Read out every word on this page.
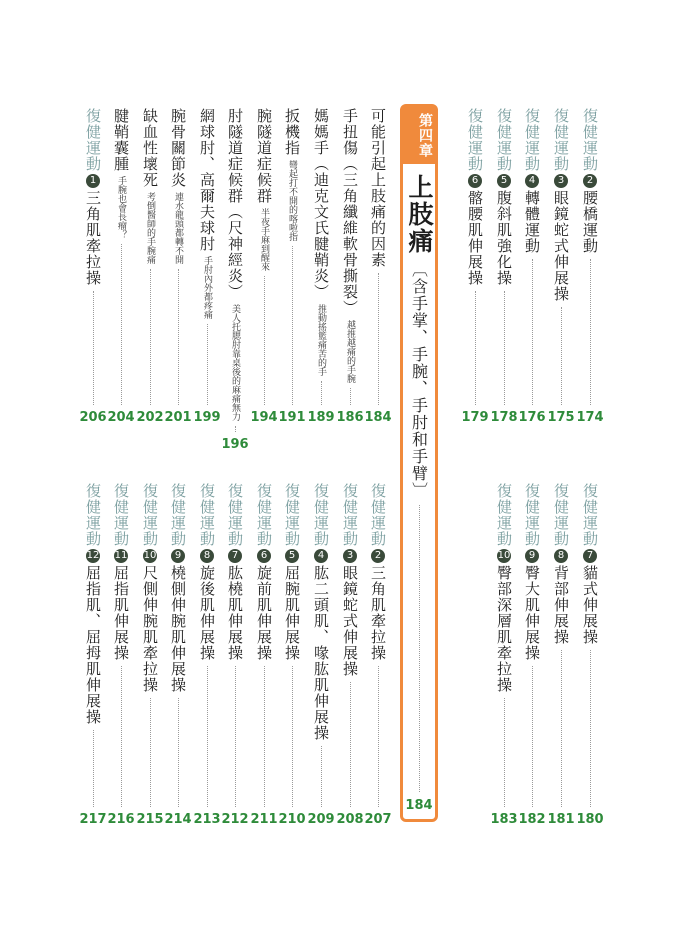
復健運動
2
腰橋運動
174
復健運動
3
眼鏡蛇式伸展操
175
復健運動
4
轉體運動
176
復健運動
5
腹斜肌強化操
178
復健運動
6
髂腰肌伸展操
179
可能引起上肢痛的因素
184
手扭傷（三角纖維軟骨撕裂）
越推越痛的手腕
186
媽媽手（迪克文氏腱鞘炎）
推動搖籃痛苦的手
189
扳機指
彎起打不開的喀啦指
191
腕隧道症候群
半夜手麻到醒來
194
肘隧道症候群（尺神經炎）
美人托腮肘靠桌後的麻痛無力
196
網球肘、高爾夫球肘
手肘內外都疼痛
199
腕骨關節炎
連水龍頭都轉不開
201
缺血性壞死
考倒醫師的手腕痛
202
腱鞘囊腫
手腕也會長瘤？
204
復健運動
1
三角肌牽拉操
206
復健運動
7
貓式伸展操
180
復健運動
8
背部伸展操
181
復健運動
9
臀大肌伸展操
182
復健運動
10
臀部深層肌牽拉操
183
復健運動
2
三角肌牽拉操
207
復健運動
3
眼鏡蛇式伸展操
208
復健運動
4
肱二頭肌、喙肱肌伸展操
209
復健運動
5
屈腕肌伸展操
210
復健運動
6
旋前肌伸展操
211
復健運動
7
肱橈肌伸展操
212
復健運動
8
旋後肌伸展操
213
復健運動
9
橈側伸腕肌伸展操
214
復健運動
10
尺側伸腕肌牽拉操
215
復健運動
11
屈指肌伸展操
216
復健運動
12
屈指肌、屈拇肌伸展操
217
第四章
上肢痛
〔含手掌、手腕、手肘和手臂〕
184
